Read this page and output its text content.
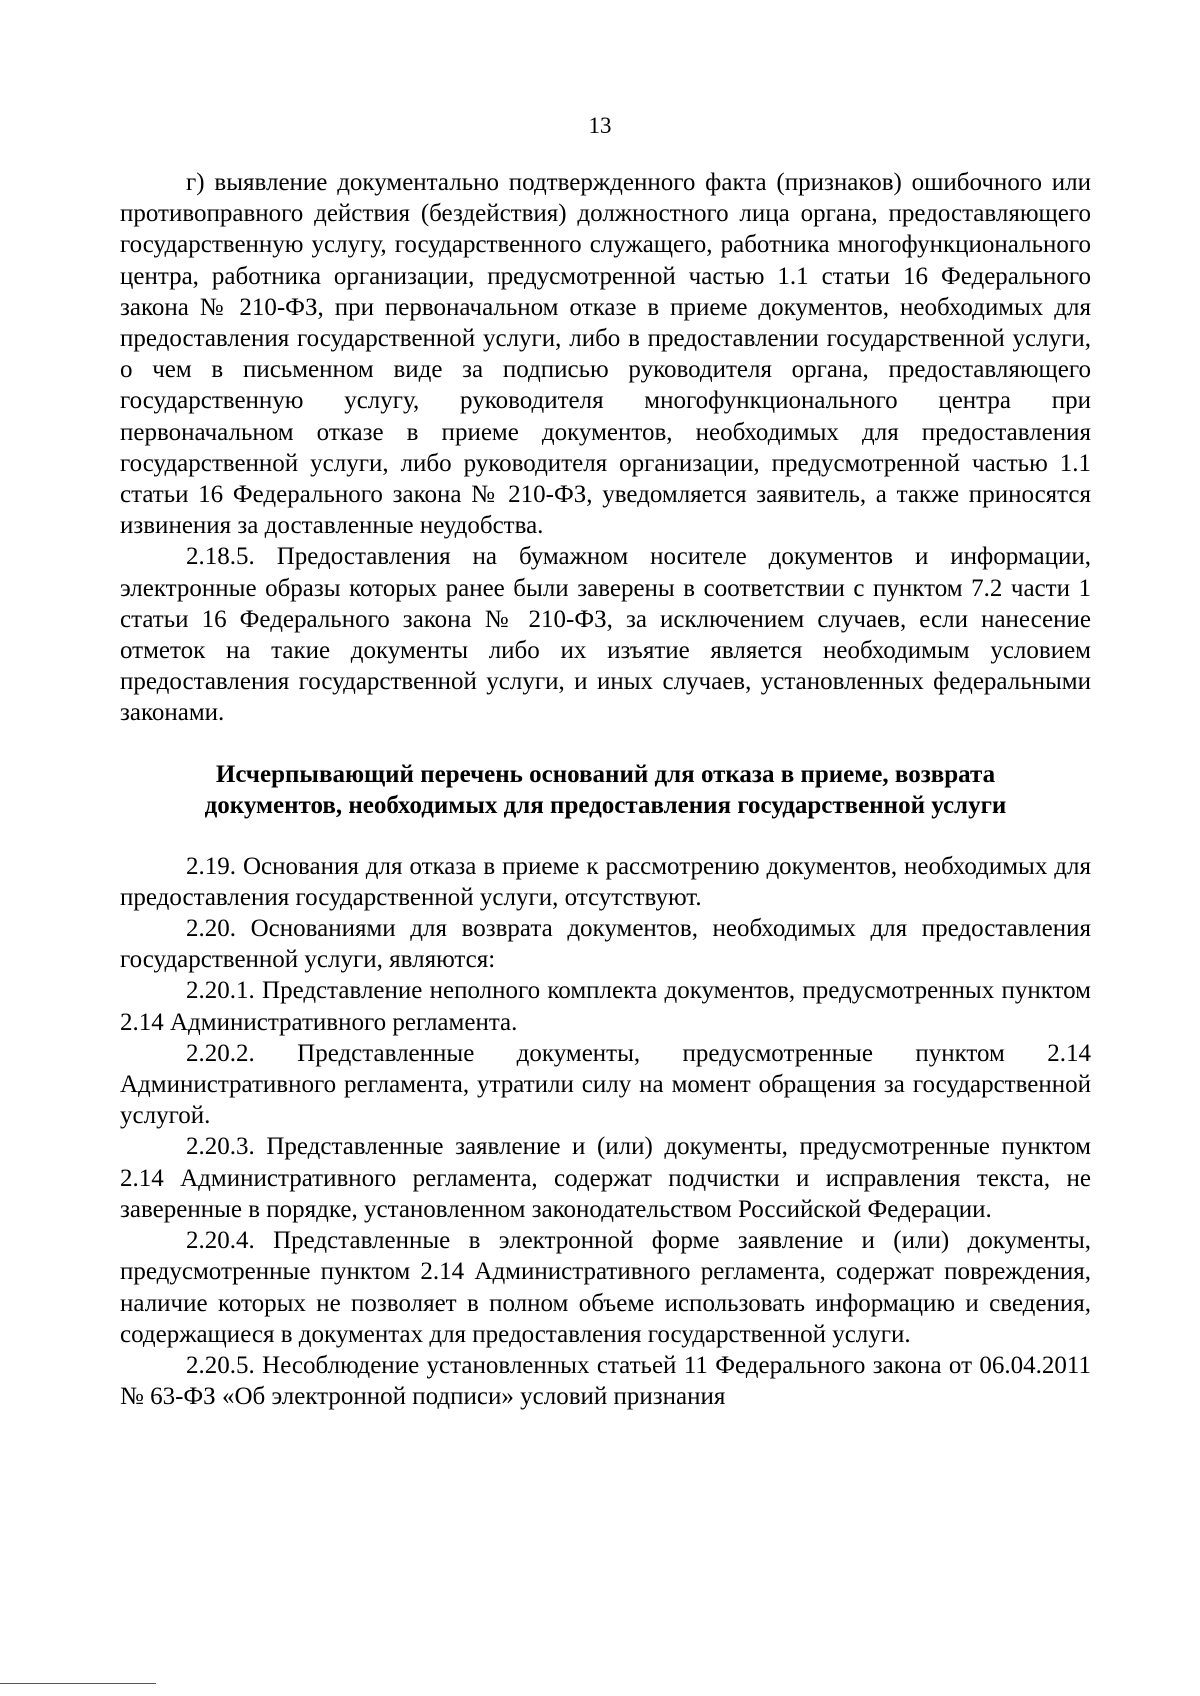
13

г) выявление документально подтвержденного факта (признаков) ошибочного или противоправного действия (бездействия) должностного лица органа, предоставляющего государственную услугу, государственного служащего, работника многофункционального центра, работника организации, предусмотренной частью 1.1 статьи 16 Федерального закона № 210-ФЗ, при первоначальном отказе в приеме документов, необходимых для предоставления государственной услуги, либо в предоставлении государственной услуги, о чем в письменном виде за подписью руководителя органа, предоставляющего государственную услугу, руководителя многофункционального центра при первоначальном отказе в приеме документов, необходимых для предоставления государственной услуги, либо руководителя организации, предусмотренной частью 1.1 статьи 16 Федерального закона № 210-ФЗ, уведомляется заявитель, а также приносятся извинения за доставленные неудобства.

2.18.5. Предоставления на бумажном носителе документов и информации, электронные образы которых ранее были заверены в соответствии с пунктом 7.2 части 1 статьи 16 Федерального закона № 210-ФЗ, за исключением случаев, если нанесение отметок на такие документы либо их изъятие является необходимым условием предоставления государственной услуги, и иных случаев, установленных федеральными законами.

Исчерпывающий перечень оснований для отказа в приеме, возврата
документов, необходимых для предоставления государственной услуги

2.19. Основания для отказа в приеме к рассмотрению документов, необходимых для предоставления государственной услуги, отсутствуют.

2.20. Основаниями для возврата документов, необходимых для предоставления государственной услуги, являются:

2.20.1. Представление неполного комплекта документов, предусмотренных пунктом 2.14 Административного регламента.

2.20.2. Представленные документы, предусмотренные пунктом 2.14 Административного регламента, утратили силу на момент обращения за государственной услугой.

2.20.3. Представленные заявление и (или) документы, предусмотренные пунктом 2.14 Административного регламента, содержат подчистки и исправления текста, не заверенные в порядке, установленном законодательством Российской Федерации.

2.20.4. Представленные в электронной форме заявление и (или) документы, предусмотренные пунктом 2.14 Административного регламента, содержат повреждения, наличие которых не позволяет в полном объеме использовать информацию и сведения, содержащиеся в документах для предоставления государственной услуги.

2.20.5. Несоблюдение установленных статьей 11 Федерального закона от 06.04.2011 № 63-ФЗ «Об электронной подписи» условий признания
